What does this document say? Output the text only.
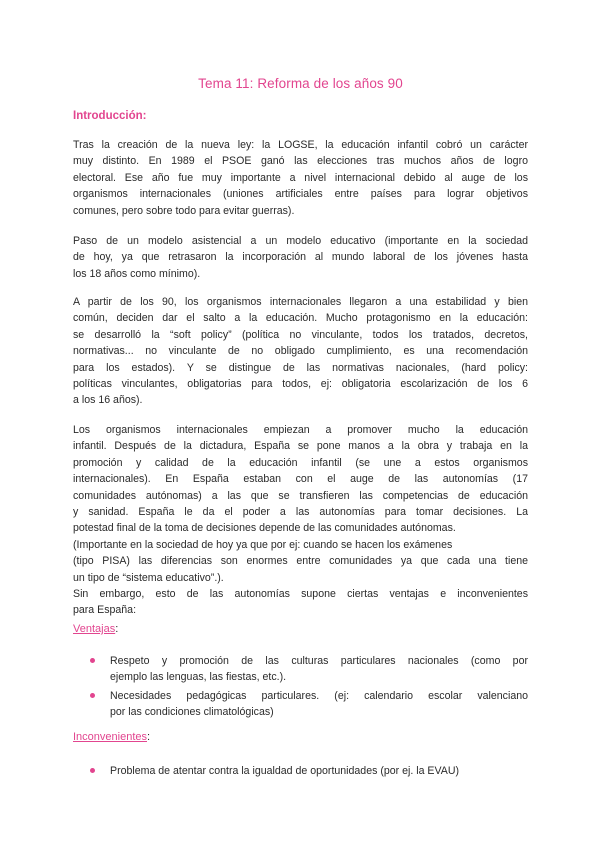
Tema 11: Reforma de los años 90
Introducción:

Tras la creación de la nueva ley: la LOGSE, la educación infantil cobró un carácter
muy distinto. En 1989 el PSOE ganó las elecciones tras muchos años de logro
electoral. Ese año fue muy importante a nivel internacional debido al auge de los
organismos internacionales (uniones artificiales entre países para lograr objetivos
comunes, pero sobre todo para evitar guerras).

Paso de un modelo asistencial a un modelo educativo (importante en la sociedad
de hoy, ya que retrasaron la incorporación al mundo laboral de los jóvenes hasta
los 18 años como mínimo).

A partir de los 90, los organismos internacionales llegaron a una estabilidad y bien
común, deciden dar el salto a la educación. Mucho protagonismo en la educación:
se desarrolló la “soft policy” (política no vinculante, todos los tratados, decretos,
normativas... no vinculante de no obligado cumplimiento, es una recomendación
para los estados). Y se distingue de las normativas nacionales, (hard policy:
políticas vinculantes, obligatorias para todos, ej: obligatoria escolarización de los 6
a los 16 años).

Los organismos internacionales empiezan a promover mucho la educación
infantil. Después de la dictadura, España se pone manos a la obra y trabaja en la
promoción y calidad de la educación infantil (se une a estos organismos
internacionales). En España estaban con el auge de las autonomías (17
comunidades autónomas) a las que se transfieren las competencias de educación
y sanidad. España le da el poder a las autonomías para tomar decisiones. La
potestad final de la toma de decisiones depende de las comunidades autónomas.
(Importante en la sociedad de hoy ya que por ej: cuando se hacen los exámenes
(tipo PISA) las diferencias son enormes entre comunidades ya que cada una tiene
un tipo de “sistema educativo”.).
Sin embargo, esto de las autonomías supone ciertas ventajas e inconvenientes
para España:

Ventajas:
Respeto y promoción de las culturas particulares nacionales (como por
ejemplo las lenguas, las fiestas, etc.).
Necesidades pedagógicas particulares. (ej: calendario escolar valenciano
por las condiciones climatológicas)
Inconvenientes:
Problema de atentar contra la igualdad de oportunidades (por ej. la EVAU)
